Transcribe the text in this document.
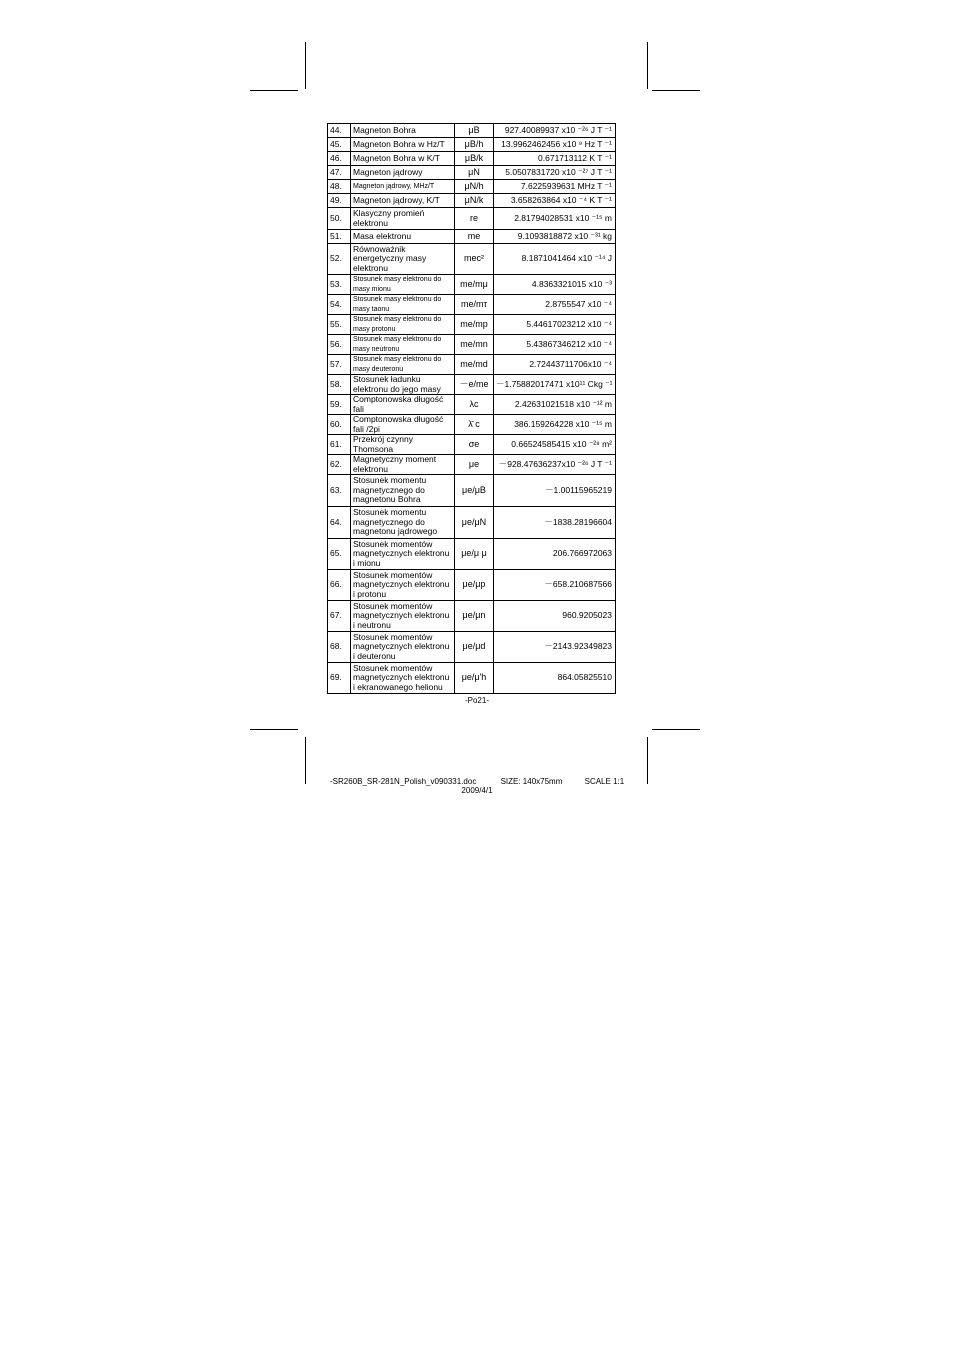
44.	Magneton Bohra	μB	927.40089937 x10 ⁻²⁶ J T ⁻¹
45.	Magneton Bohra w Hz/T	μB/h	13.9962462456 x10 ⁹ Hz T ⁻¹
46.	Magneton Bohra w K/T	μB/k	0.671713112 K T ⁻¹
47.	Magneton jądrowy	μN	5.0507831720 x10 ⁻²⁷ J T ⁻¹
48.	Magneton jądrowy, MHz/T	μN/h	7.6225939631 MHz T ⁻¹
49.	Magneton jądrowy, K/T	μN/k	3.658263864 x10 ⁻⁴ K T ⁻¹
50.	Klasyczny promień elektronu	re	2.81794028531 x10 ⁻¹⁵ m
51.	Masa elektronu	me	9.1093818872 x10 ⁻³¹ kg
52.	Równoważnik energetyczny masy elektronu	mec²	8.1871041464 x10 ⁻¹⁴ J
53.	Stosunek masy elektronu do masy mionu	me/mμ	4.8363321015 x10 ⁻³
54.	Stosunek masy elektronu do masy taonu	me/mτ	2.8755547 x10 ⁻⁴
55.	Stosunek masy elektronu do masy protonu	me/mp	5.44617023212 x10 ⁻⁴
56.	Stosunek masy elektronu do masy neutronu	me/mn	5.43867346212 x10 ⁻⁴
57.	Stosunek masy elektronu do masy deuteronu	me/md	2.72443711706x10 ⁻⁴
58.	Stosunek ładunku elektronu do jego masy	－e/me	－1.75882017471 x10¹¹ Ckg ⁻¹
59.	Comptonowska długość fali	λc	2.42631021518 x10 ⁻¹² m
60.	Comptonowska długość fali /2pi	λ̄ c	386.159264228 x10 ⁻¹⁵ m
61.	Przekrój czynny Thomsona	σe	0.66524585415 x10 ⁻²⁸ m²
62.	Magnetyczny moment elektronu	μe	－928.47636237x10 ⁻²⁶ J T ⁻¹
63.	Stosunek momentu magnetycznego do magnetonu Bohra	μe/μB	－1.00115965219
64.	Stosunek momentu magnetycznego do magnetonu jądrowego	μe/μN	－1838.28196604
65.	Stosunek momentów magnetycznych elektronu i mionu	μe/μ μ	206.766972063
66.	Stosunek momentów magnetycznych elektronu i protonu	μe/μp	－658.210687566
67.	Stosunek momentów magnetycznych elektronu i neutronu	μe/μn	960.9205023
68.	Stosunek momentów magnetycznych elektronu i deuteronu	μe/μd	－2143.92349823
69.	Stosunek momentów magnetycznych elektronu i ekranowanego helionu	μe/μ'h	864.05825510
-Po21-
-SR260B_SR-281N_Polish_v090331.doc	SIZE: 140x75mm	SCALE 1:1
2009/4/1
